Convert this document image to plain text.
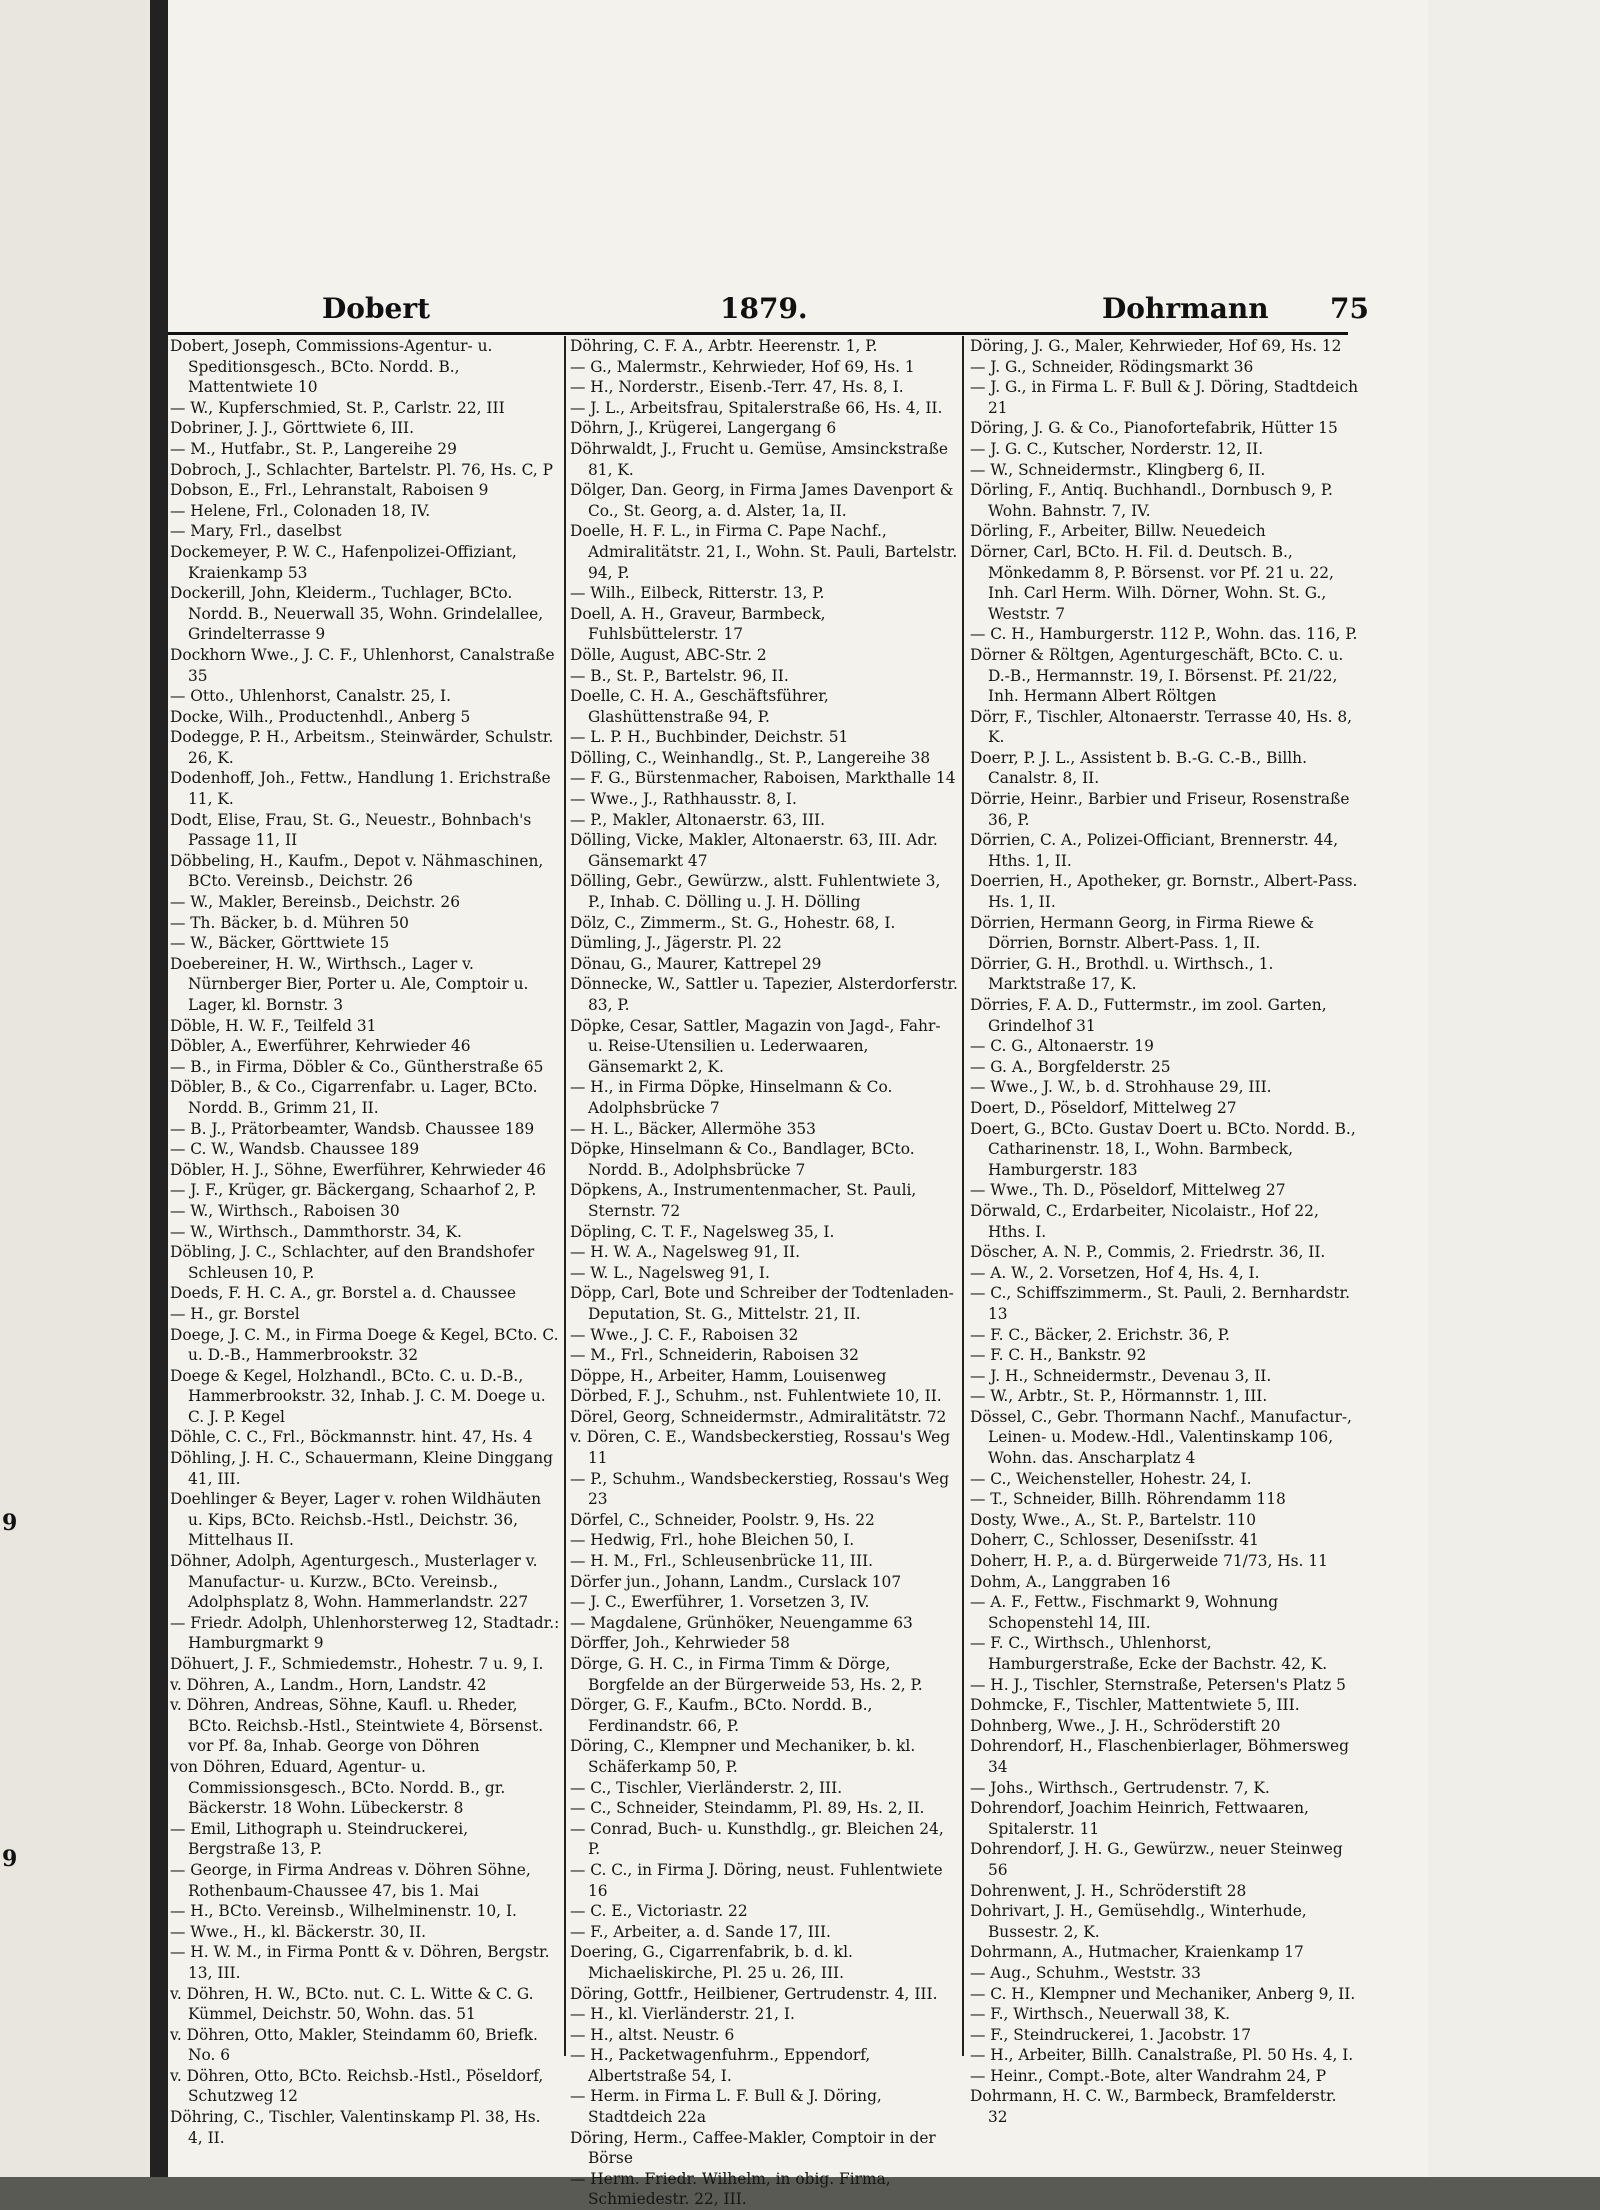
9
9
Dobert	1879.	Dohrmann 75

Dobert, Joseph, Commissions-Agentur- u. Speditionsgesch., BCto. Nordd. B., Mattentwiete 10

— W., Kupferschmied, St. P., Carlstr. 22, III

Dobriner, J. J., Görttwiete 6, III.

— M., Hutfabr., St. P., Langereihe 29

Dobroch, J., Schlachter, Bartelstr. Pl. 76, Hs. C, P

Dobson, E., Frl., Lehranstalt, Raboisen 9

— Helene, Frl., Colonaden 18, IV.

— Mary, Frl., daselbst

Dockemeyer, P. W. C., Hafenpolizei-Offiziant, Kraienkamp 53

Dockerill, John, Kleiderm., Tuchlager, BCto. Nordd. B., Neuerwall 35, Wohn. Grindelallee, Grindelterrasse 9

Dockhorn Wwe., J. C. F., Uhlenhorst, Canalstraße 35

— Otto., Uhlenhorst, Canalstr. 25, I.

Docke, Wilh., Productenhdl., Anberg 5

Dodegge, P. H., Arbeitsm., Steinwärder, Schulstr. 26, K.

Dodenhoff, Joh., Fettw., Handlung 1. Erichstraße 11, K.

Dodt, Elise, Frau, St. G., Neuestr., Bohnbach's Passage 11, II

Döbbeling, H., Kaufm., Depot v. Nähmaschinen, BCto. Vereinsb., Deichstr. 26

— W., Makler, Bereinsb., Deichstr. 26

— Th. Bäcker, b. d. Mühren 50

— W., Bäcker, Görttwiete 15

Doebereiner, H. W., Wirthsch., Lager v. Nürnberger Bier, Porter u. Ale, Comptoir u. Lager, kl. Bornstr. 3

Döble, H. W. F., Teilfeld 31

Döbler, A., Ewerführer, Kehrwieder 46

— B., in Firma, Döbler & Co., Güntherstraße 65

Döbler, B., & Co., Cigarrenfabr. u. Lager, BCto. Nordd. B., Grimm 21, II.

— B. J., Prätorbeamter, Wandsb. Chaussee 189

— C. W., Wandsb. Chaussee 189

Döbler, H. J., Söhne, Ewerführer, Kehrwieder 46

— J. F., Krüger, gr. Bäckergang, Schaarhof 2, P.

— W., Wirthsch., Raboisen 30

— W., Wirthsch., Dammthorstr. 34, K.

Döbling, J. C., Schlachter, auf den Brandshofer Schleusen 10, P.

Doeds, F. H. C. A., gr. Borstel a. d. Chaussee

— H., gr. Borstel

Doege, J. C. M., in Firma Doege & Kegel, BCto. C. u. D.-B., Hammerbrookstr. 32

Doege & Kegel, Holzhandl., BCto. C. u. D.-B., Hammerbrookstr. 32, Inhab. J. C. M. Doege u. C. J. P. Kegel

Döhle, C. C., Frl., Böckmannstr. hint. 47, Hs. 4

Döhling, J. H. C., Schauermann, Kleine Dinggang 41, III.

Doehlinger & Beyer, Lager v. rohen Wildhäuten u. Kips, BCto. Reichsb.-Hstl., Deichstr. 36, Mittelhaus II.

Döhner, Adolph, Agenturgesch., Musterlager v. Manufactur- u. Kurzw., BCto. Vereinsb., Adolphsplatz 8, Wohn. Hammerlandstr. 227

— Friedr. Adolph, Uhlenhorsterweg 12, Stadtadr.: Hamburgmarkt 9

Döhuert, J. F., Schmiedemstr., Hohestr. 7 u. 9, I.

v. Döhren, A., Landm., Horn, Landstr. 42

v. Döhren, Andreas, Söhne, Kaufl. u. Rheder, BCto. Reichsb.-Hstl., Steintwiete 4, Börsenst. vor Pf. 8a, Inhab. George von Döhren

von Döhren, Eduard, Agentur- u. Commissionsgesch., BCto. Nordd. B., gr. Bäckerstr. 18 Wohn. Lübeckerstr. 8

— Emil, Lithograph u. Steindruckerei, Bergstraße 13, P.

— George, in Firma Andreas v. Döhren Söhne, Rothenbaum-Chaussee 47, bis 1. Mai

— H., BCto. Vereinsb., Wilhelminenstr. 10, I.

— Wwe., H., kl. Bäckerstr. 30, II.

— H. W. M., in Firma Pontt & v. Döhren, Bergstr. 13, III.

v. Döhren, H. W., BCto. nut. C. L. Witte & C. G. Kümmel, Deichstr. 50, Wohn. das. 51

v. Döhren, Otto, Makler, Steindamm 60, Briefk. No. 6

v. Döhren, Otto, BCto. Reichsb.-Hstl., Pöseldorf, Schutzweg 12

Döhring, C., Tischler, Valentinskamp Pl. 38, Hs. 4, II.

Döhring, C. F. A., Arbtr. Heerenstr. 1, P.

— G., Malermstr., Kehrwieder, Hof 69, Hs. 1

— H., Norderstr., Eisenb.-Terr. 47, Hs. 8, I.

— J. L., Arbeitsfrau, Spitalerstraße 66, Hs. 4, II.

Döhrn, J., Krügerei, Langergang 6

Döhrwaldt, J., Frucht u. Gemüse, Amsinckstraße 81, K.

Dölger, Dan. Georg, in Firma James Davenport & Co., St. Georg, a. d. Alster, 1a, II.

Doelle, H. F. L., in Firma C. Pape Nachf., Admiralitätstr. 21, I., Wohn. St. Pauli, Bartelstr. 94, P.

— Wilh., Eilbeck, Ritterstr. 13, P.

Doell, A. H., Graveur, Barmbeck, Fuhlsbüttelerstr. 17

Dölle, August, ABC-Str. 2

— B., St. P., Bartelstr. 96, II.

Doelle, C. H. A., Geschäftsführer, Glashüttenstraße 94, P.

— L. P. H., Buchbinder, Deichstr. 51

Dölling, C., Weinhandlg., St. P., Langereihe 38

— F. G., Bürstenmacher, Raboisen, Markthalle 14

— Wwe., J., Rathhausstr. 8, I.

— P., Makler, Altonaerstr. 63, III.

Dölling, Vicke, Makler, Altonaerstr. 63, III. Adr. Gänsemarkt 47

Dölling, Gebr., Gewürzw., alstt. Fuhlentwiete 3, P., Inhab. C. Dölling u. J. H. Dölling

Dölz, C., Zimmerm., St. G., Hohestr. 68, I.

Dümling, J., Jägerstr. Pl. 22

Dönau, G., Maurer, Kattrepel 29

Dönnecke, W., Sattler u. Tapezier, Alsterdorferstr. 83, P.

Döpke, Cesar, Sattler, Magazin von Jagd-, Fahr- u. Reise-Utensilien u. Lederwaaren, Gänsemarkt 2, K.

— H., in Firma Döpke, Hinselmann & Co. Adolphsbrücke 7

— H. L., Bäcker, Allermöhe 353

Döpke, Hinselmann & Co., Bandlager, BCto. Nordd. B., Adolphsbrücke 7

Döpkens, A., Instrumentenmacher, St. Pauli, Sternstr. 72

Döpling, C. T. F., Nagelsweg 35, I.

— H. W. A., Nagelsweg 91, II.

— W. L., Nagelsweg 91, I.

Döpp, Carl, Bote und Schreiber der Todtenladen-Deputation, St. G., Mittelstr. 21, II.

— Wwe., J. C. F., Raboisen 32

— M., Frl., Schneiderin, Raboisen 32

Döppe, H., Arbeiter, Hamm, Louisenweg

Dörbed, F. J., Schuhm., nst. Fuhlentwiete 10, II.

Dörel, Georg, Schneidermstr., Admiralitätstr. 72

v. Dören, C. E., Wandsbeckerstieg, Rossau's Weg 11

— P., Schuhm., Wandsbeckerstieg, Rossau's Weg 23

Dörfel, C., Schneider, Poolstr. 9, Hs. 22

— Hedwig, Frl., hohe Bleichen 50, I.

— H. M., Frl., Schleusenbrücke 11, III.

Dörfer jun., Johann, Landm., Curslack 107

— J. C., Ewerführer, 1. Vorsetzen 3, IV.

— Magdalene, Grünhöker, Neuengamme 63

Dörffer, Joh., Kehrwieder 58

Dörge, G. H. C., in Firma Timm & Dörge, Borgfelde an der Bürgerweide 53, Hs. 2, P.

Dörger, G. F., Kaufm., BCto. Nordd. B., Ferdinandstr. 66, P.

Döring, C., Klempner und Mechaniker, b. kl. Schäferkamp 50, P.

— C., Tischler, Vierländerstr. 2, III.

— C., Schneider, Steindamm, Pl. 89, Hs. 2, II.

— Conrad, Buch- u. Kunsthdlg., gr. Bleichen 24, P.

— C. C., in Firma J. Döring, neust. Fuhlentwiete 16

— C. E., Victoriastr. 22

— F., Arbeiter, a. d. Sande 17, III.

Doering, G., Cigarrenfabrik, b. d. kl. Michaeliskirche, Pl. 25 u. 26, III.

Döring, Gottfr., Heilbiener, Gertrudenstr. 4, III.

— H., kl. Vierländerstr. 21, I.

— H., altst. Neustr. 6

— H., Packetwagenfuhrm., Eppendorf, Albertstraße 54, I.

— Herm. in Firma L. F. Bull & J. Döring, Stadtdeich 22a

Döring, Herm., Caffee-Makler, Comptoir in der Börse

— Herm. Friedr. Wilhelm, in obig. Firma, Schmiedestr. 22, III.

Döring, J. G., Maler, Kehrwieder, Hof 69, Hs. 12

— J. G., Schneider, Rödingsmarkt 36

— J. G., in Firma L. F. Bull & J. Döring, Stadtdeich 21

Döring, J. G. & Co., Pianofortefabrik, Hütter 15

— J. G. C., Kutscher, Norderstr. 12, II.

— W., Schneidermstr., Klingberg 6, II.

Dörling, F., Antiq. Buchhandl., Dornbusch 9, P. Wohn. Bahnstr. 7, IV.

Dörling, F., Arbeiter, Billw. Neuedeich

Dörner, Carl, BCto. H. Fil. d. Deutsch. B., Mönkedamm 8, P. Börsenst. vor Pf. 21 u. 22, Inh. Carl Herm. Wilh. Dörner, Wohn. St. G., Weststr. 7

— C. H., Hamburgerstr. 112 P., Wohn. das. 116, P.

Dörner & Röltgen, Agenturgeschäft, BCto. C. u. D.-B., Hermannstr. 19, I. Börsenst. Pf. 21/22, Inh. Hermann Albert Röltgen

Dörr, F., Tischler, Altonaerstr. Terrasse 40, Hs. 8, K.

Doerr, P. J. L., Assistent b. B.-G. C.-B., Billh. Canalstr. 8, II.

Dörrie, Heinr., Barbier und Friseur, Rosenstraße 36, P.

Dörrien, C. A., Polizei-Officiant, Brennerstr. 44, Hths. 1, II.

Doerrien, H., Apotheker, gr. Bornstr., Albert-Pass. Hs. 1, II.

Dörrien, Hermann Georg, in Firma Riewe & Dörrien, Bornstr. Albert-Pass. 1, II.

Dörrier, G. H., Brothdl. u. Wirthsch., 1. Marktstraße 17, K.

Dörries, F. A. D., Futtermstr., im zool. Garten, Grindelhof 31

— C. G., Altonaerstr. 19

— G. A., Borgfelderstr. 25

— Wwe., J. W., b. d. Strohhause 29, III.

Doert, D., Pöseldorf, Mittelweg 27

Doert, G., BCto. Gustav Doert u. BCto. Nordd. B., Catharinenstr. 18, I., Wohn. Barmbeck, Hamburgerstr. 183

— Wwe., Th. D., Pöseldorf, Mittelweg 27

Dörwald, C., Erdarbeiter, Nicolaistr., Hof 22, Hths. I.

Döscher, A. N. P., Commis, 2. Friedrstr. 36, II.

— A. W., 2. Vorsetzen, Hof 4, Hs. 4, I.

— C., Schiffszimmerm., St. Pauli, 2. Bernhardstr. 13

— F. C., Bäcker, 2. Erichstr. 36, P.

— F. C. H., Bankstr. 92

— J. H., Schneidermstr., Devenau 3, II.

— W., Arbtr., St. P., Hörmannstr. 1, III.

Dössel, C., Gebr. Thormann Nachf., Manufactur-, Leinen- u. Modew.-Hdl., Valentinskamp 106, Wohn. das. Anscharplatz 4

— C., Weichensteller, Hohestr. 24, I.

— T., Schneider, Billh. Röhrendamm 118

Dosty, Wwe., A., St. P., Bartelstr. 110

Doherr, C., Schlosser, Deseniſsstr. 41

Doherr, H. P., a. d. Bürgerweide 71/73, Hs. 11

Dohm, A., Langgraben 16

— A. F., Fettw., Fischmarkt 9, Wohnung Schopenstehl 14, III.

— F. C., Wirthsch., Uhlenhorst, Hamburgerstraße, Ecke der Bachstr. 42, K.

— H. J., Tischler, Sternstraße, Petersen's Platz 5

Dohmcke, F., Tischler, Mattentwiete 5, III.

Dohnberg, Wwe., J. H., Schröderstift 20

Dohrendorf, H., Flaschenbierlager, Böhmersweg 34

— Johs., Wirthsch., Gertrudenstr. 7, K.

Dohrendorf, Joachim Heinrich, Fettwaaren, Spitalerstr. 11

Dohrendorf, J. H. G., Gewürzw., neuer Steinweg 56

Dohrenwent, J. H., Schröderstift 28

Dohrivart, J. H., Gemüsehdlg., Winterhude, Bussestr. 2, K.

Dohrmann, A., Hutmacher, Kraienkamp 17

— Aug., Schuhm., Weststr. 33

— C. H., Klempner und Mechaniker, Anberg 9, II.

— F., Wirthsch., Neuerwall 38, K.

— F., Steindruckerei, 1. Jacobstr. 17

— H., Arbeiter, Billh. Canalstraße, Pl. 50 Hs. 4, I.

— Heinr., Compt.-Bote, alter Wandrahm 24, P

Dohrmann, H. C. W., Barmbeck, Bramfelderstr. 32
